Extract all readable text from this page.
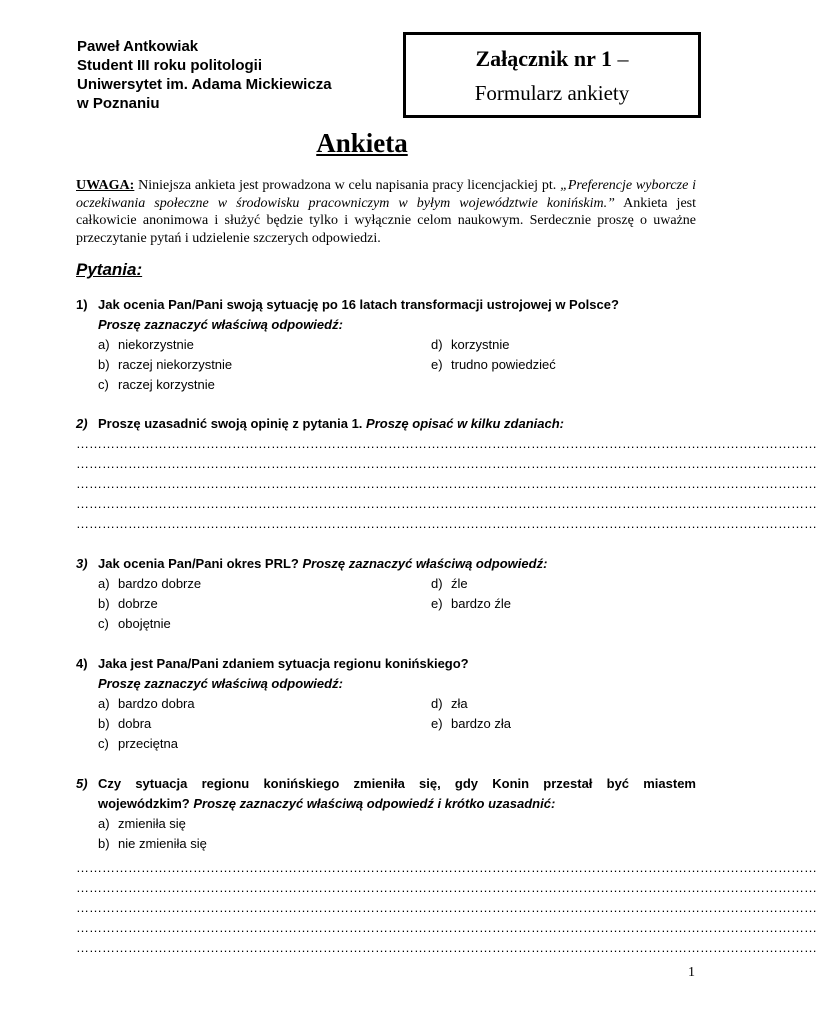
Paweł Antkowiak
Student III roku politologii
Uniwersytet im. Adama Mickiewicza
w Poznaniu
Załącznik nr 1 –
Formularz ankiety
Ankieta
UWAGA: Niniejsza ankieta jest prowadzona w celu napisania pracy licencjackiej pt. „Preferencje wyborcze i oczekiwania społeczne w środowisku pracowniczym w byłym województwie konińskim.” Ankieta jest całkowicie anonimowa i służyć będzie tylko i wyłącznie celom naukowym. Serdecznie proszę o uważne przeczytanie pytań i udzielenie szczerych odpowiedzi.
Pytania:
1) Jak ocenia Pan/Pani swoją sytuację po 16 latach transformacji ustrojowej w Polsce?
Proszę zaznaczyć właściwą odpowiedź:
a) niekorzystnie	d) korzystnie
b) raczej niekorzystnie	e) trudno powiedzieć
c) raczej korzystnie
2) Proszę uzasadnić swoją opinię z pytania 1. Proszę opisać w kilku zdaniach:
………………………………………………………………………………………………………………………………………………………
………………………………………………………………………………………………………………………………………………………
………………………………………………………………………………………………………………………………………………………
………………………………………………………………………………………………………………………………………………………
………………………………………………………………………………………………………………………………………………………
3) Jak ocenia Pan/Pani okres PRL? Proszę zaznaczyć właściwą odpowiedź:
a) bardzo dobrze	d) źle
b) dobrze	e) bardzo źle
c) obojętnie
4) Jaka jest Pana/Pani zdaniem sytuacja regionu konińskiego?
Proszę zaznaczyć właściwą odpowiedź:
a) bardzo dobra	d) zła
b) dobra	e) bardzo zła
c) przeciętna
5) Czy sytuacja regionu konińskiego zmieniła się, gdy Konin przestał być miastem
wojewódzkim? Proszę zaznaczyć właściwą odpowiedź i krótko uzasadnić:
a) zmieniła się
b) nie zmieniła się
………………………………………………………………………………………………………………………………………………………
………………………………………………………………………………………………………………………………………………………
………………………………………………………………………………………………………………………………………………………
………………………………………………………………………………………………………………………………………………………
………………………………………………………………………………………………………………………………………………………
1
